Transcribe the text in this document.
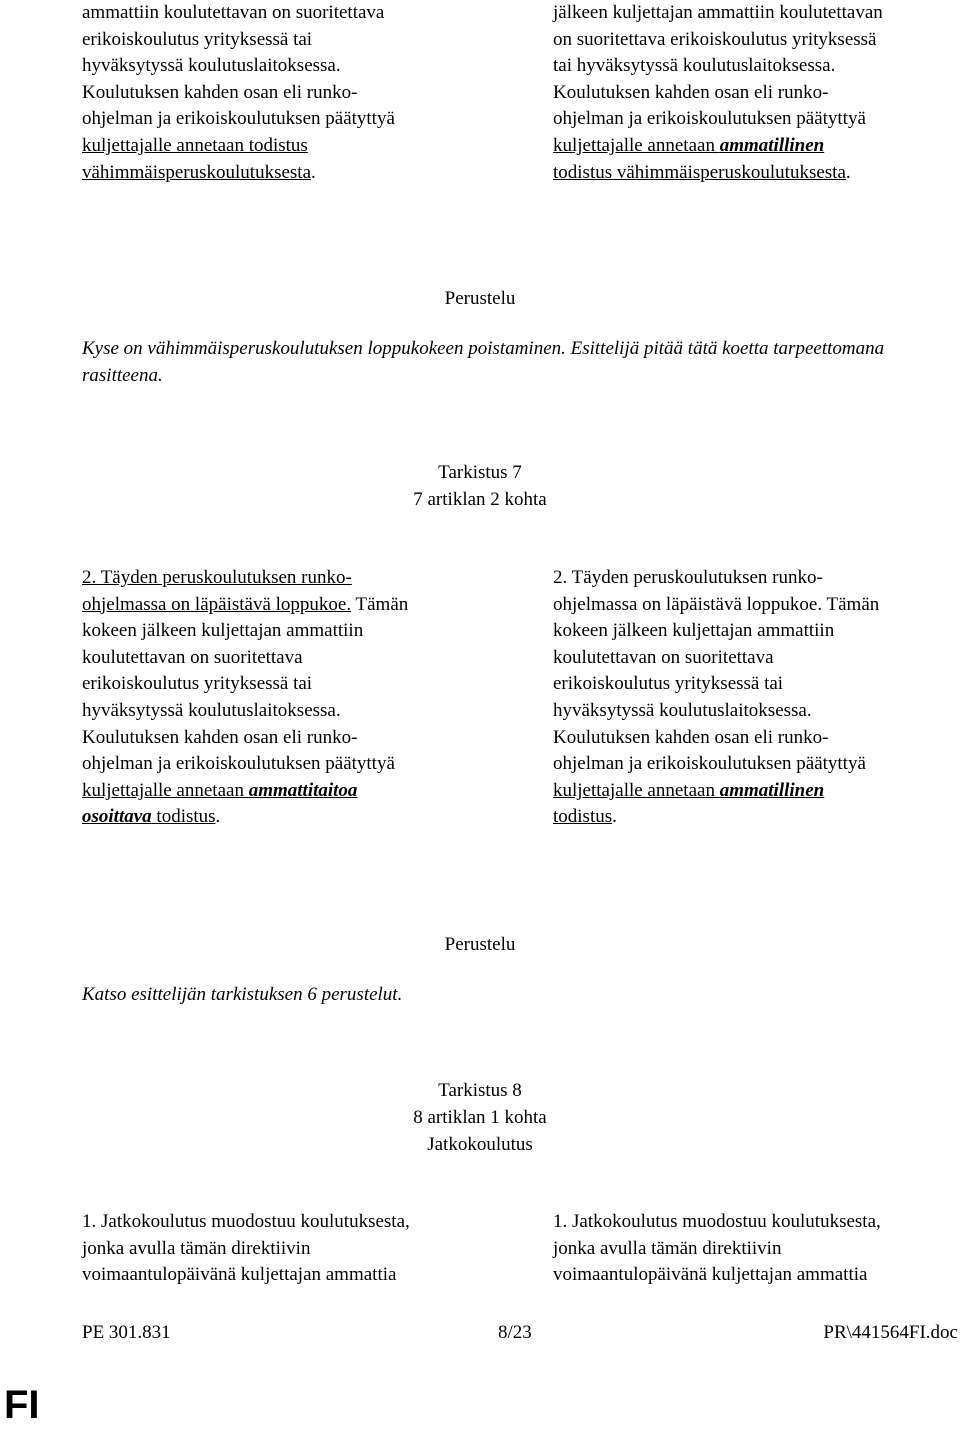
ammattiin koulutettavan on suoritettava
erikoiskoulutus yrityksessä tai
hyväksytyssä koulutuslaitoksessa.
Koulutuksen kahden osan eli runko-
ohjelman ja erikoiskoulutuksen päätyttyä
kuljettajalle annetaan todistus
vähimmäisperuskoulutuksesta.

jälkeen kuljettajan ammattiin koulutettavan
on suoritettava erikoiskoulutus yrityksessä
tai hyväksytyssä koulutuslaitoksessa.
Koulutuksen kahden osan eli runko-
ohjelman ja erikoiskoulutuksen päätyttyä
kuljettajalle annetaan ammatillinen
todistus vähimmäisperuskoulutuksesta.

Perustelu

Kyse on vähimmäisperuskoulutuksen loppukokeen poistaminen. Esittelijä pitää tätä koetta tarpeettomana rasitteena.

Tarkistus 7

7 artiklan 2 kohta

2. Täyden peruskoulutuksen runko-
ohjelmassa on läpäistävä loppukoe. Tämän
kokeen jälkeen kuljettajan ammattiin
koulutettavan on suoritettava
erikoiskoulutus yrityksessä tai
hyväksytyssä koulutuslaitoksessa.
Koulutuksen kahden osan eli runko-
ohjelman ja erikoiskoulutuksen päätyttyä
kuljettajalle annetaan ammattitaitoa
osoittava todistus.

2. Täyden peruskoulutuksen runko-
ohjelmassa on läpäistävä loppukoe. Tämän
kokeen jälkeen kuljettajan ammattiin
koulutettavan on suoritettava
erikoiskoulutus yrityksessä tai
hyväksytyssä koulutuslaitoksessa.
Koulutuksen kahden osan eli runko-
ohjelman ja erikoiskoulutuksen päätyttyä
kuljettajalle annetaan ammatillinen
todistus.

Perustelu

Katso esittelijän tarkistuksen 6 perustelut.

Tarkistus 8

8 artiklan 1 kohta

Jatkokoulutus

1. Jatkokoulutus muodostuu koulutuksesta,
jonka avulla tämän direktiivin
voimaantulopäivänä kuljettajan ammattia

1. Jatkokoulutus muodostuu koulutuksesta,
jonka avulla tämän direktiivin
voimaantulopäivänä kuljettajan ammattia

PE 301.831	8/23	PR\441564FI.doc

FI
